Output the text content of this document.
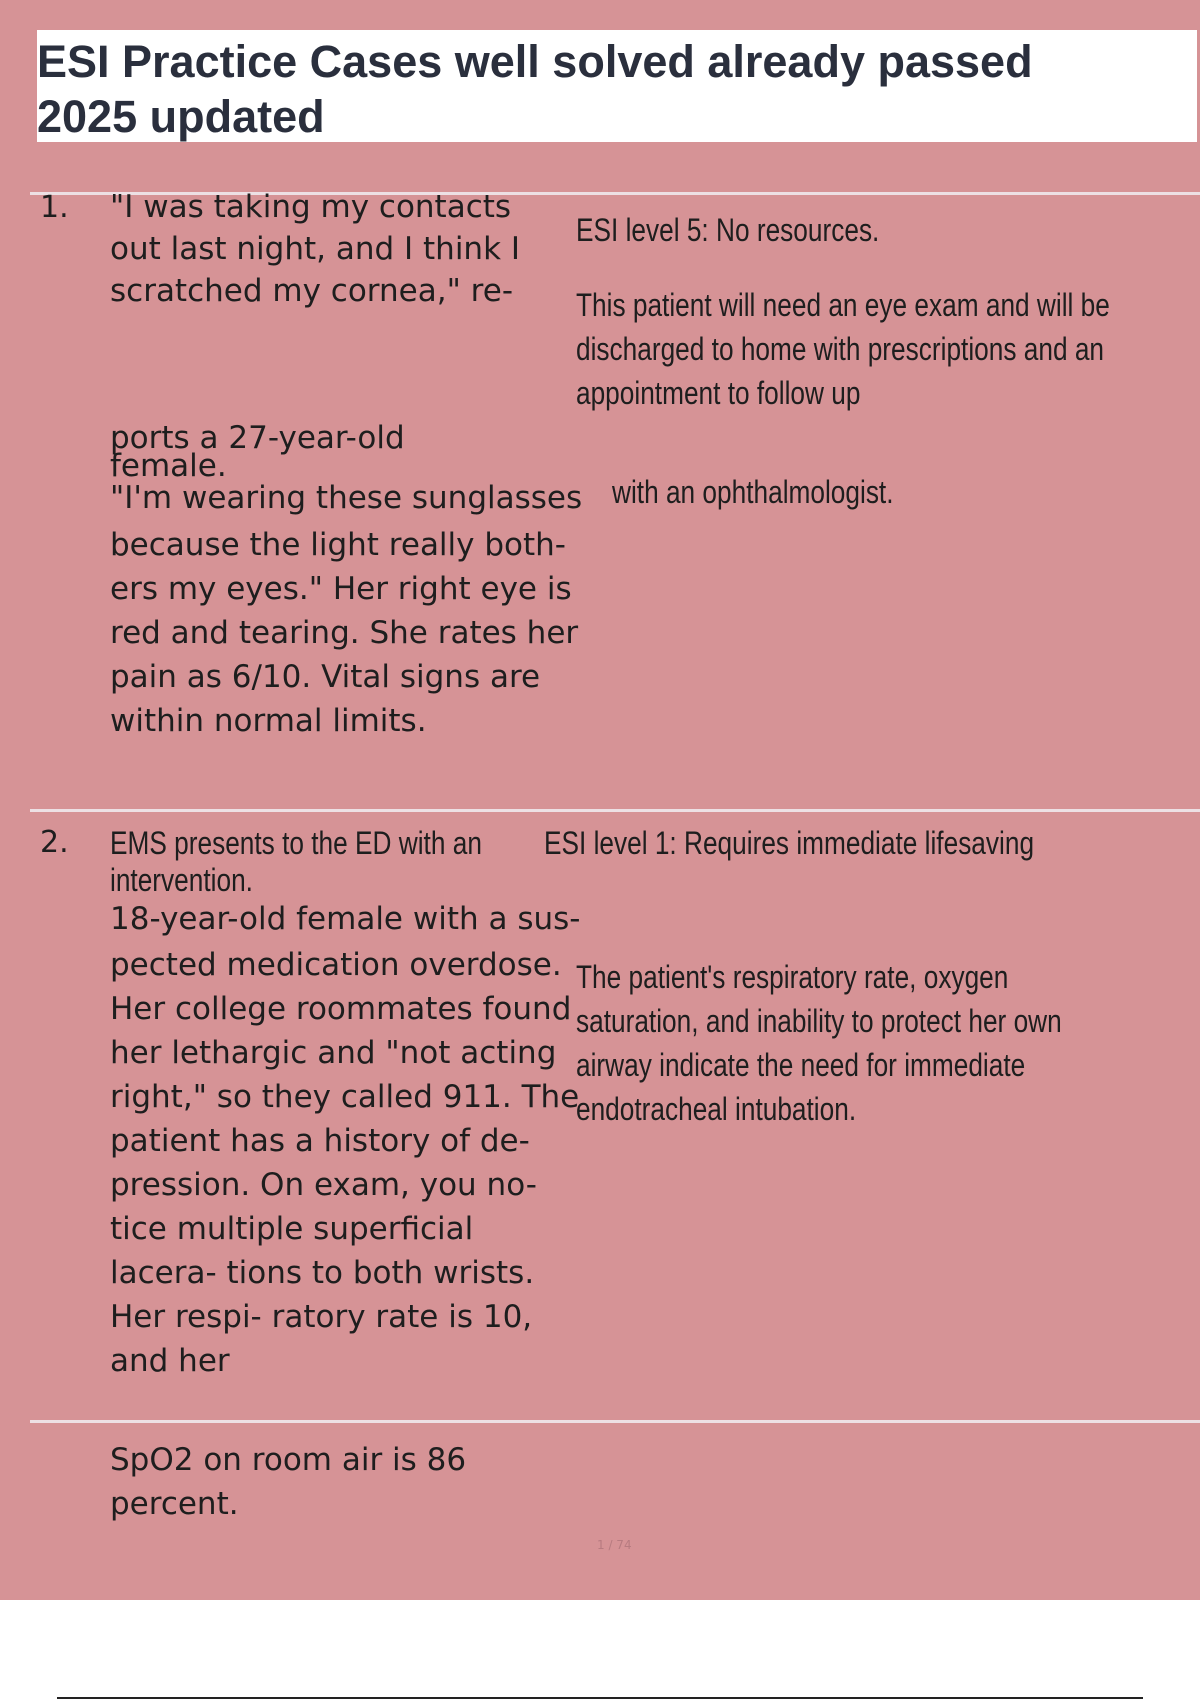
ESI Practice Cases well solved already passed
2025 updated
1. "I was taking my contacts out last night, and I think I scratched my cornea," re-

ports a 27-year-old female.

"I'm wearing these sunglasses

because the light really both- ers my eyes." Her right eye is red and tearing. She rates her pain as 6/10. Vital signs are within normal limits.

ESI level 5: No resources.
This patient will need an eye exam and will be discharged to home with prescriptions and an appointment to follow up
with an ophthalmologist.
2. EMS presents to the ED with an
intervention.

18-year-old female with a sus-

pected medication overdose. Her college roommates found her lethargic and "not acting right," so they called 911. The patient has a history of de- pression. On exam, you no- tice multiple superficial lacera- tions to both wrists. Her respi- ratory rate is 10, and her

ESI level 1: Requires immediate lifesaving
The patient's respiratory rate, oxygen saturation, and inability to protect her own airway indicate the need for immediate endotracheal intubation.

SpO2 on room air is 86 percent.

1 / 74
